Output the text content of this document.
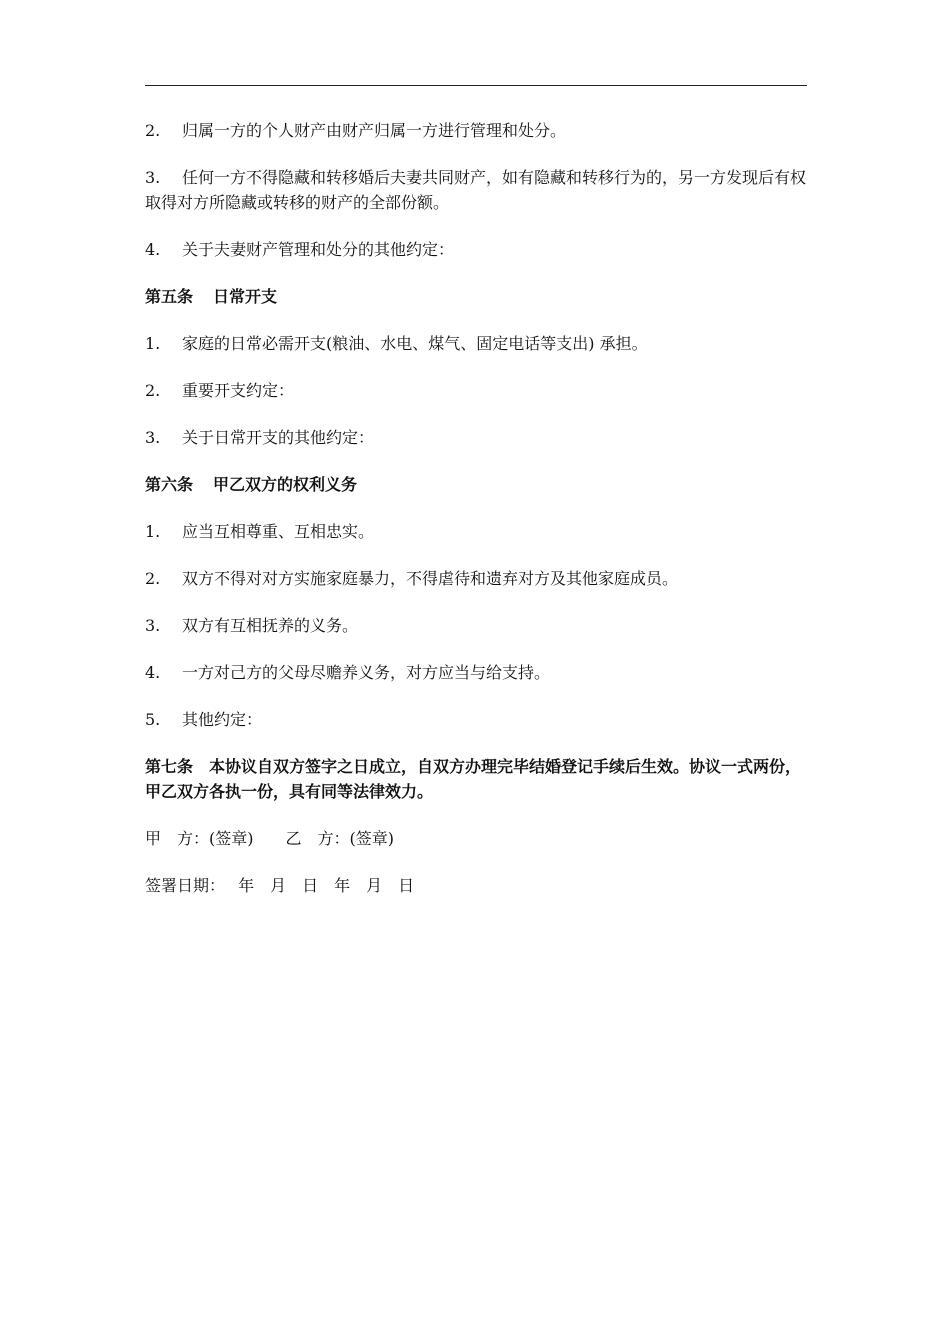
2. 归属一方的个人财产由财产归属一方进行管理和处分。

3. 任何一方不得隐藏和转移婚后夫妻共同财产，如有隐藏和转移行为的，另一方发现后有权取得对方所隐藏或转移的财产的全部份额。

4. 关于夫妻财产管理和处分的其他约定：

第五条 日常开支

1. 家庭的日常必需开支(粮油、水电、煤气、固定电话等支出) 承担。

2. 重要开支约定：

3. 关于日常开支的其他约定：

第六条 甲乙双方的权利义务

1. 应当互相尊重、互相忠实。

2. 双方不得对对方实施家庭暴力，不得虐待和遗弃对方及其他家庭成员。

3. 双方有互相抚养的义务。

4. 一方对己方的父母尽赡养义务，对方应当与给支持。

5. 其他约定：

第七条 本协议自双方签字之日成立，自双方办理完毕结婚登记手续后生效。协议一式两份，甲乙双方各执一份，具有同等法律效力。

甲　方：(签章)　　乙　方：(签章)

签署日期：　 年　月　日　年　月　日
